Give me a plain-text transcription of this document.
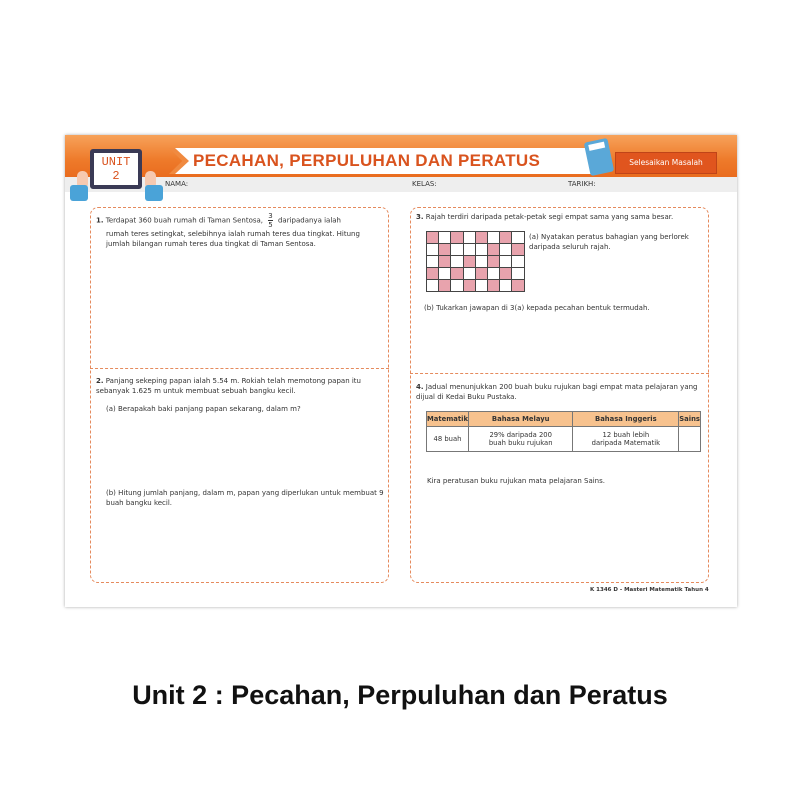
PECAHAN, PERPULUHAN DAN PERATUS
UNIT
2
NAMA:	KELAS:	TARIKH:
Selesaikan Masalah
1. Terdapat 360 buah rumah di Taman Sentosa, $\frac{3}{5}$ daripadanya ialah
rumah teres setingkat, selebihnya ialah rumah teres dua tingkat. Hitung jumlah bilangan rumah teres dua tingkat di Taman Sentosa.
2. Panjang sekeping papan ialah 5.54 m. Rokiah telah memotong papan itu sebanyak 1.625 m untuk membuat sebuah bangku kecil.
(a) Berapakah baki panjang papan sekarang, dalam m?
(b) Hitung jumlah panjang, dalam m, papan yang diperlukan untuk membuat 9 buah bangku kecil.
3. Rajah terdiri daripada petak-petak segi empat sama yang sama besar.

(a) Nyatakan peratus bahagian yang berlorek daripada seluruh rajah.
(b) Tukarkan jawapan di 3(a) kepada pecahan bentuk termudah.
4. Jadual menunjukkan 200 buah buku rujukan bagi empat mata pelajaran yang dijual di Kedai Buku Pustaka.
Matematik	Bahasa Melayu	Bahasa Inggeris	Sains
48 buah	29% daripada 200 buah buku rujukan	12 buah lebih daripada Matematik	
Kira peratusan buku rujukan mata pelajaran Sains.
K 1346 D - Masteri Matematik Tahun 4
Unit 2 : Pecahan, Perpuluhan dan Peratus
